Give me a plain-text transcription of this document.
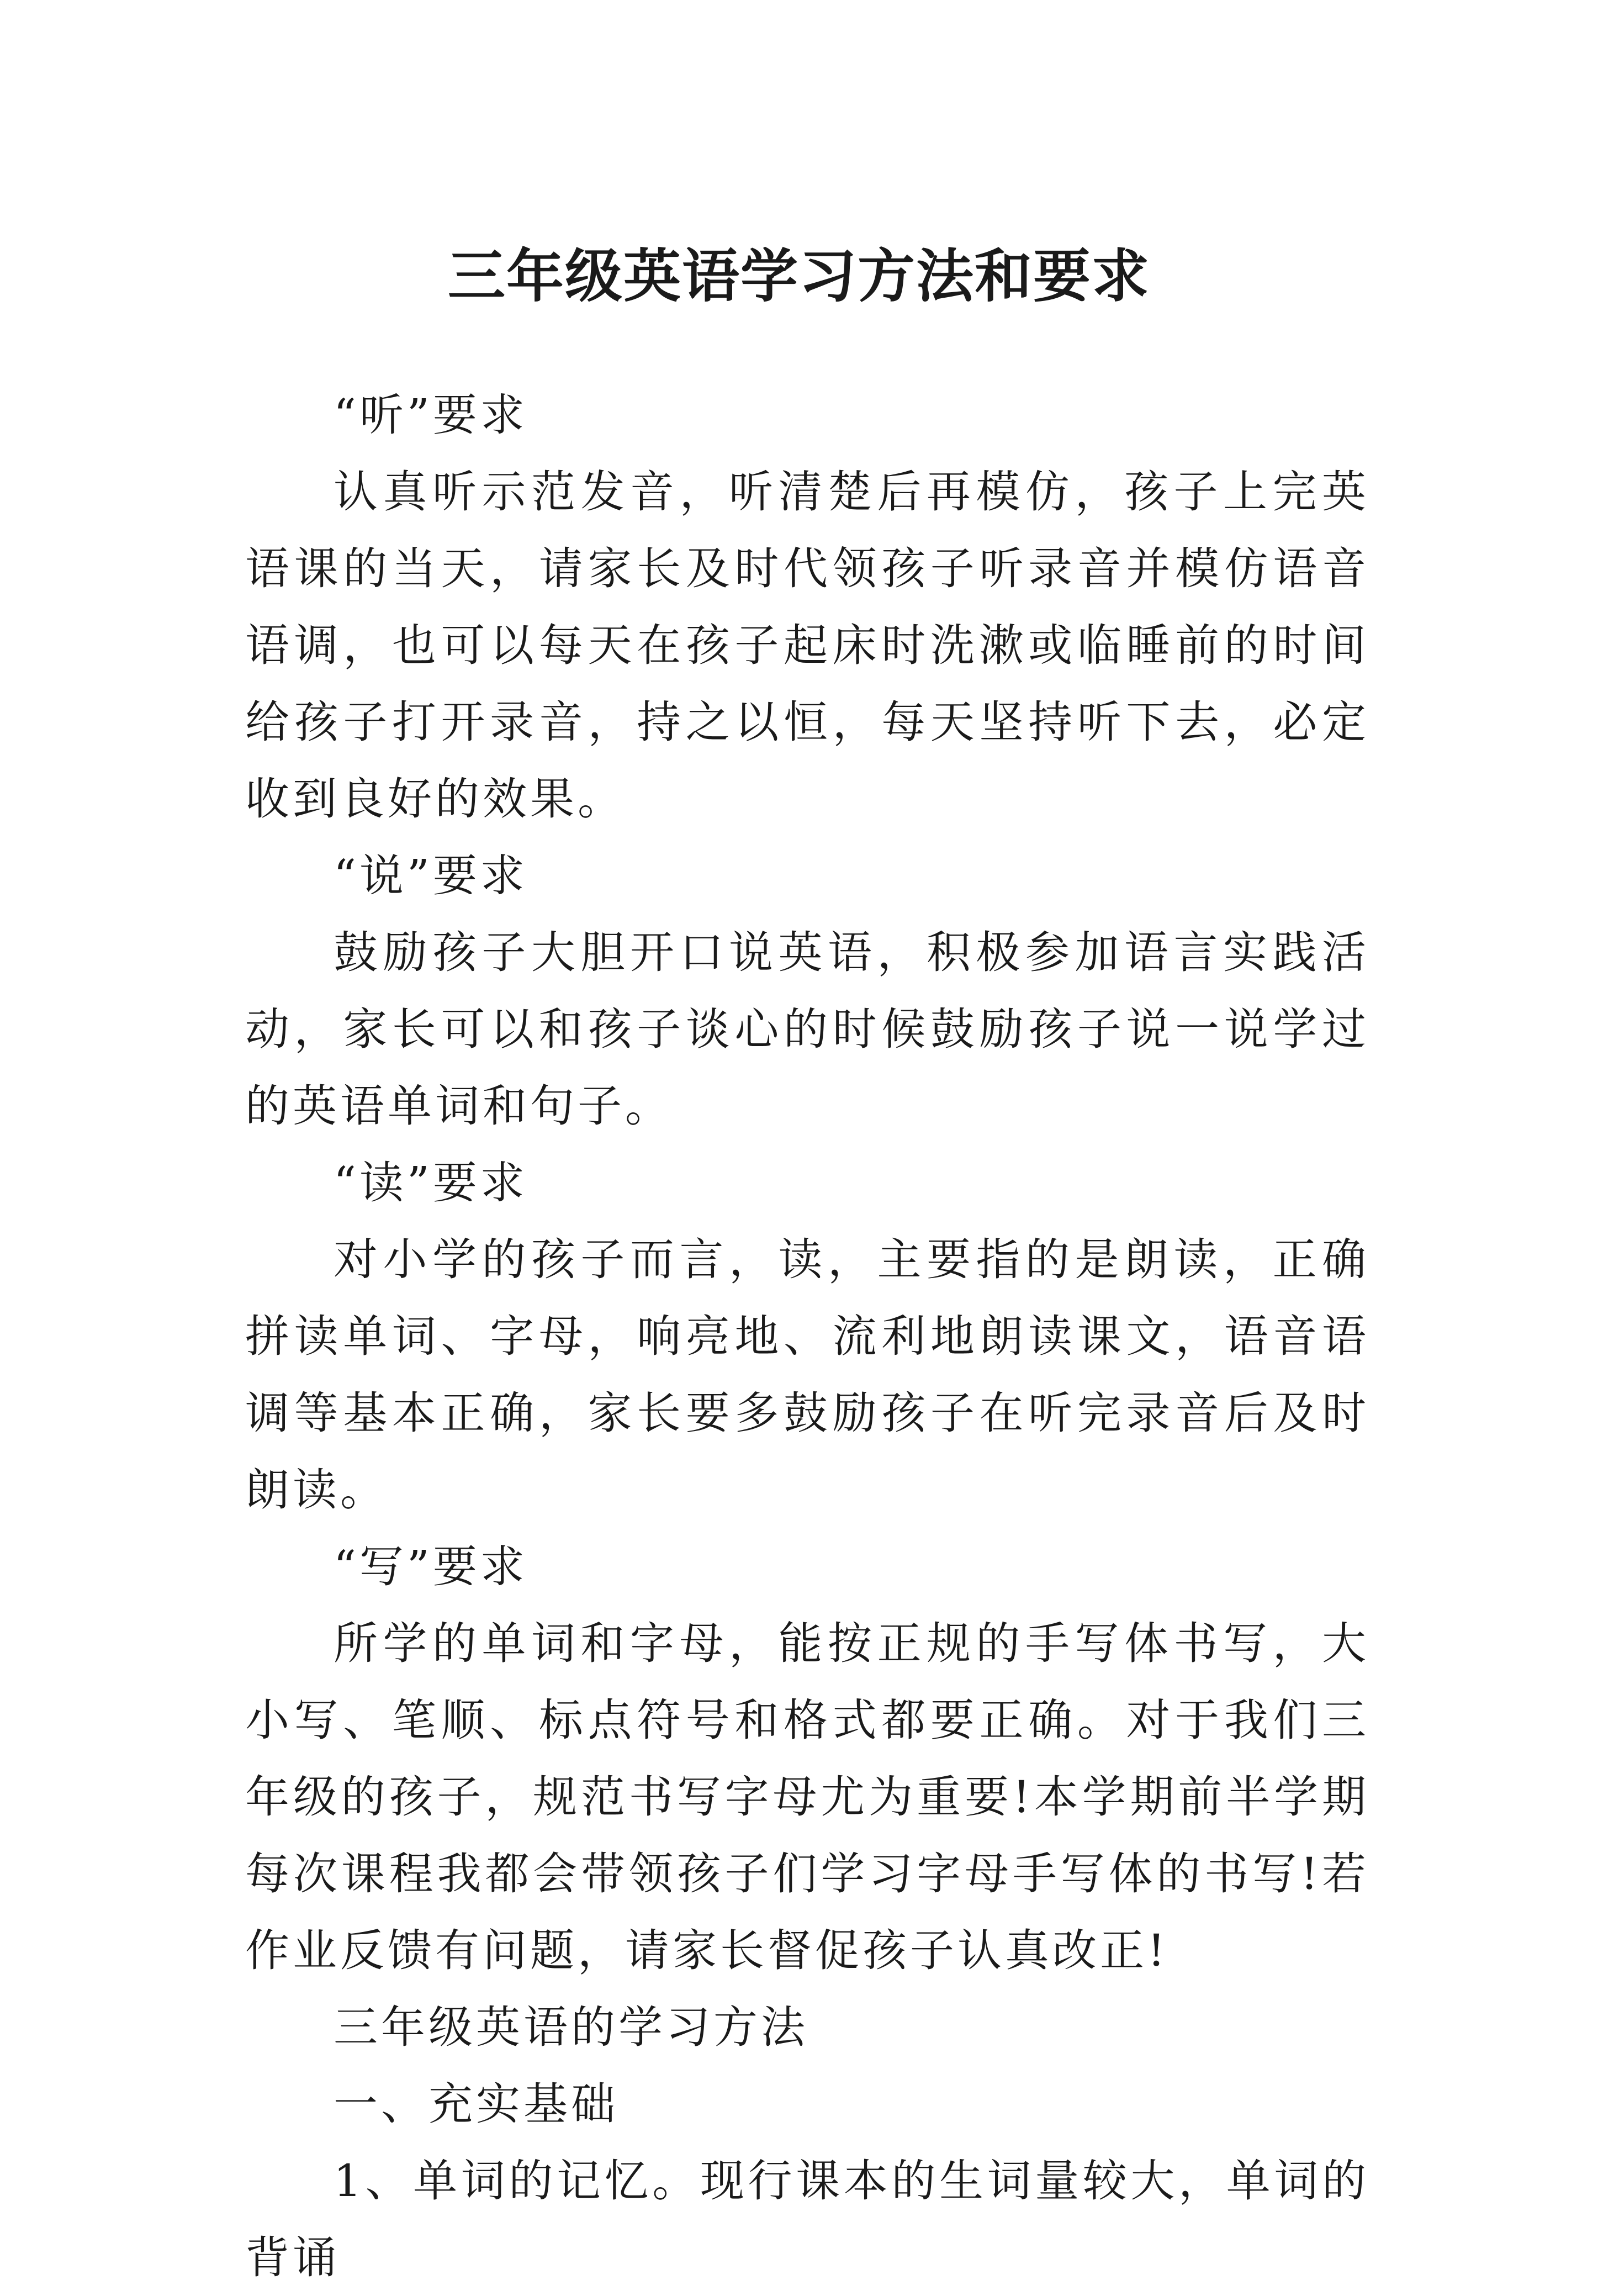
三年级英语学习方法和要求

“听”要求

认真听示范发音，听清楚后再模仿，孩子上完英语课的当天，请家长及时代领孩子听录音并模仿语音语调，也可以每天在孩子起床时洗漱或临睡前的时间给孩子打开录音，持之以恒，每天坚持听下去，必定收到良好的效果。

“说”要求

鼓励孩子大胆开口说英语，积极参加语言实践活动，家长可以和孩子谈心的时候鼓励孩子说一说学过的英语单词和句子。

“读”要求

对小学的孩子而言，读，主要指的是朗读，正确拼读单词、字母，响亮地、流利地朗读课文，语音语调等基本正确，家长要多鼓励孩子在听完录音后及时朗读。

“写”要求

所学的单词和字母，能按正规的手写体书写，大小写、笔顺、标点符号和格式都要正确。对于我们三年级的孩子，规范书写字母尤为重要!本学期前半学期每次课程我都会带领孩子们学习字母手写体的书写!若作业反馈有问题，请家长督促孩子认真改正!

三年级英语的学习方法

一、充实基础

1、单词的记忆。现行课本的生词量较大，单词的背诵
